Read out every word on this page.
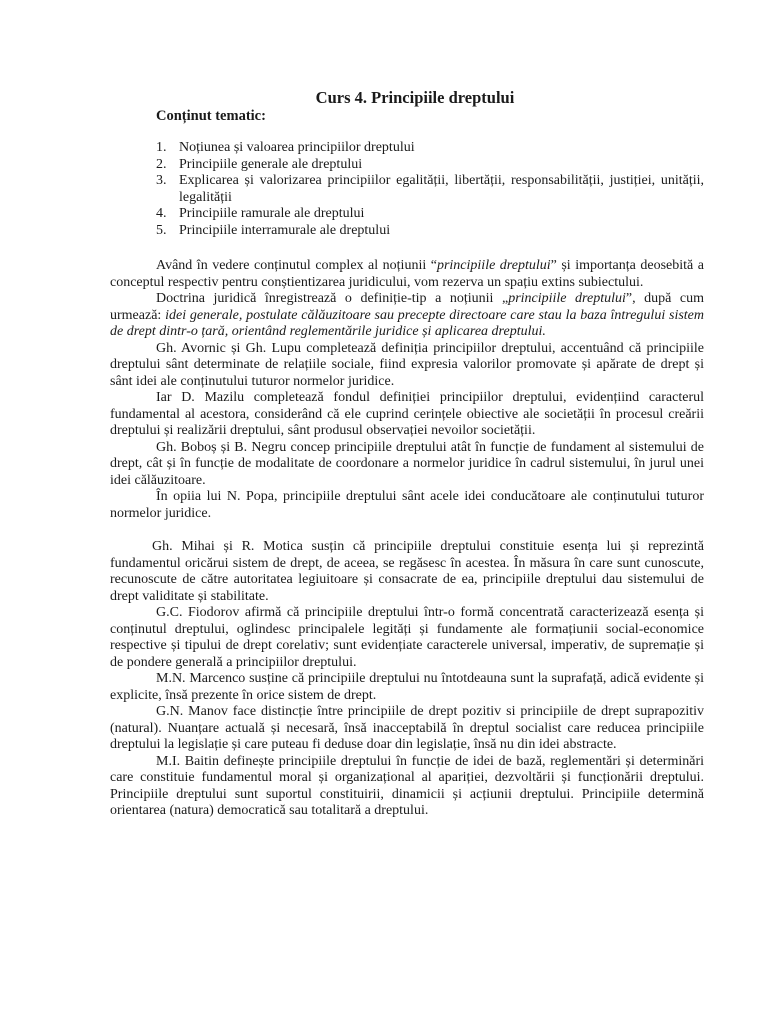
Curs 4. Principiile dreptului
Conținut tematic:
1. Noțiunea și valoarea principiilor dreptului
2. Principiile generale ale dreptului
3. Explicarea și valorizarea principiilor egalității, libertății, responsabilității, justiției, unității, legalității
4. Principiile ramurale ale dreptului
5. Principiile interramurale ale dreptului

Având în vedere conținutul complex al noțiunii “principiile dreptului” și importanța deosebită a conceptul respectiv pentru conștientizarea juridicului, vom rezerva un spațiu extins subiectului.

Doctrina juridică înregistrează o definiție-tip a noțiunii „principiile dreptului”, după cum urmează: idei generale, postulate călăuzitoare sau precepte directoare care stau la baza întregului sistem de drept dintr-o țară, orientând reglementările juridice și aplicarea dreptului.

Gh. Avornic și Gh. Lupu completează definiția principiilor dreptului, accentuând că principiile dreptului sânt determinate de relațiile sociale, fiind expresia valorilor promovate și apărate de drept și sânt idei ale conținutului tuturor normelor juridice.

Iar D. Mazilu completează fondul definiției principiilor dreptului, evidențiind caracterul fundamental al acestora, considerând că ele cuprind cerințele obiective ale societății în procesul creării dreptului și realizării dreptului, sânt produsul observației nevoilor societății.

Gh. Boboș și B. Negru concep principiile dreptului atât în funcție de fundament al sistemului de drept, cât și în funcție de modalitate de coordonare a normelor juridice în cadrul sistemului, în jurul unei idei călăuzitoare.

În opiia lui N. Popa, principiile dreptului sânt acele idei conducătoare ale conținutului tuturor normelor juridice.

Gh. Mihai și R. Motica susțin că principiile dreptului constituie esența lui și reprezintă fundamentul oricărui sistem de drept, de aceea, se regăsesc în acestea. În măsura în care sunt cunoscute, recunoscute de către autoritatea legiuitoare și consacrate de ea, principiile dreptului dau sistemului de drept validitate și stabilitate.

G.C. Fiodorov afirmă că principiile dreptului într-o formă concentrată caracterizează esența și conținutul dreptului, oglindesc principalele legități și fundamente ale formațiunii social-economice respective și tipului de drept corelativ; sunt evidențiate caracterele universal, imperativ, de supremație și de pondere generală a principiilor dreptului.

M.N. Marcenco susține că principiile dreptului nu întotdeauna sunt la suprafață, adică evidente și explicite, însă prezente în orice sistem de drept.

G.N. Manov face distincție între principiile de drept pozitiv si principiile de drept suprapozitiv (natural). Nuanțare actuală și necesară, însă inacceptabilă în dreptul socialist care reducea principiile dreptului la legislație și care puteau fi deduse doar din legislație, însă nu din idei abstracte.

M.I. Baitin definește principiile dreptului în funcție de idei de bază, reglementări și determinări care constituie fundamentul moral și organizațional al apariției, dezvoltării și funcționării dreptului. Principiile dreptului sunt suportul constituirii, dinamicii și acțiunii dreptului. Principiile determină orientarea (natura) democratică sau totalitară a dreptului.
